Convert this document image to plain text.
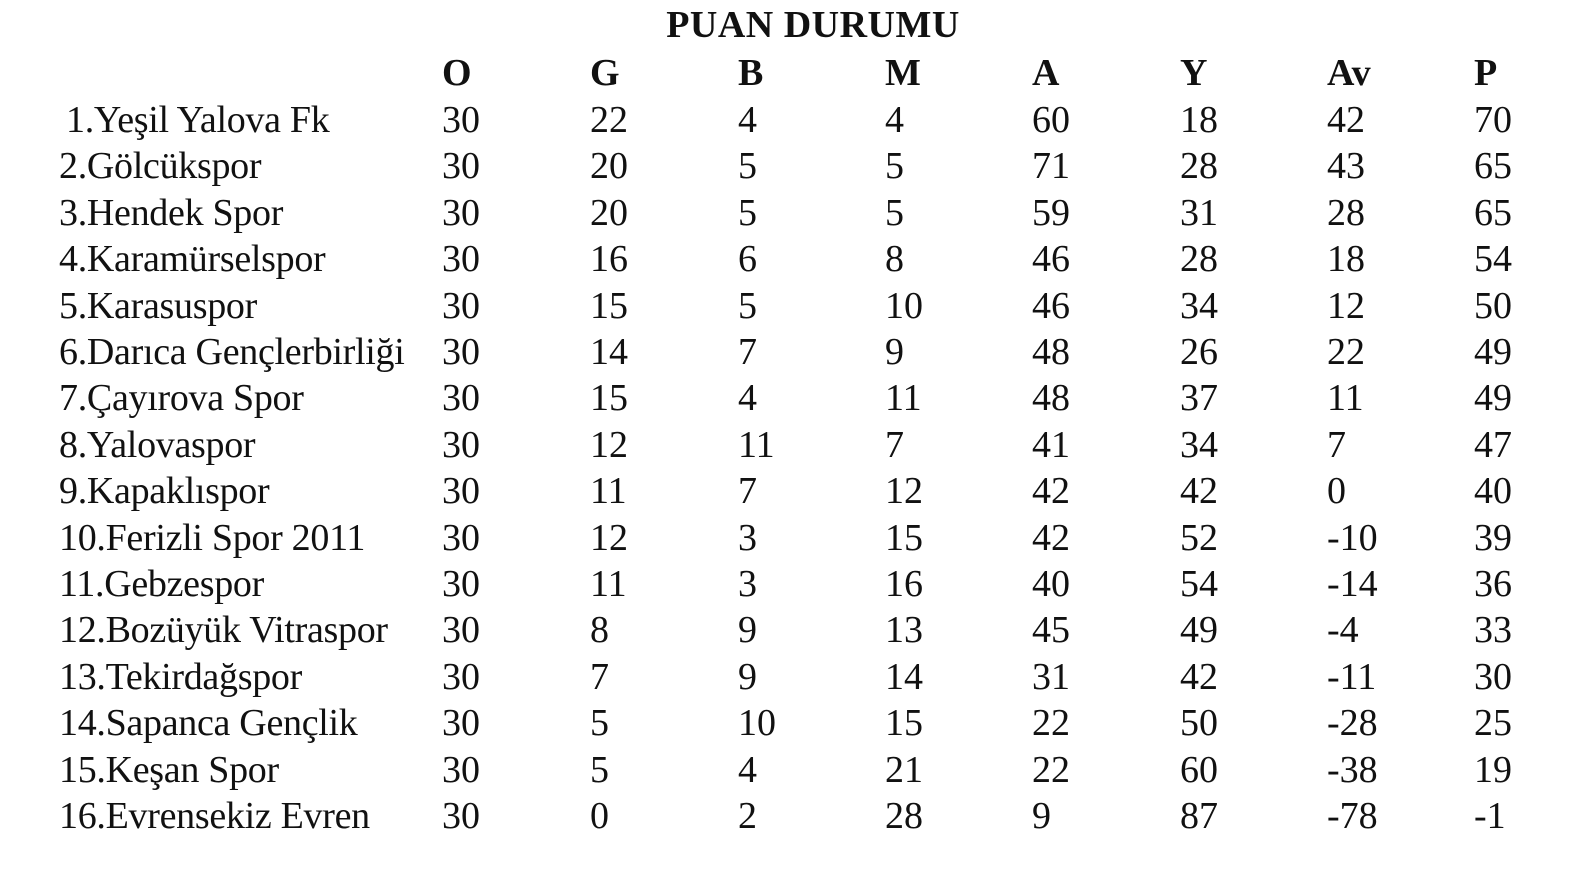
PUAN DURUMU
O	G	B	M	A	Y	Av	P
1.Yeşil Yalova Fk	30	22	4	4	60	18	42	70
2.Gölcükspor	30	20	5	5	71	28	43	65
3.Hendek Spor	30	20	5	5	59	31	28	65
4.Karamürselspor	30	16	6	8	46	28	18	54
5.Karasuspor	30	15	5	10	46	34	12	50
6.Darıca Gençlerbirliği 30	14	7	9	48	26	22	49
7.Çayırova Spor	30	15	4	11	48	37	11	49
8.Yalovaspor	30	12	11	7	41	34	7	47
9.Kapaklıspor	30	11	7	12	42	42	0	40
10.Ferizli Spor 2011 30	12	3	15	42	52	-10	39
11.Gebzespor	30	11	3	16	40	54	-14	36
12.Bozüyük Vitraspor 30	8	9	13	45	49	-4	33
13.Tekirdağspor	30	7	9	14	31	42	-11	30
14.Sapanca Gençlik 30	5	10	15	22	50	-28	25
15.Keşan Spor	30	5	4	21	22	60	-38	19
16.Evrensekiz Evren 30	0	2	28	9	87	-78	-1
